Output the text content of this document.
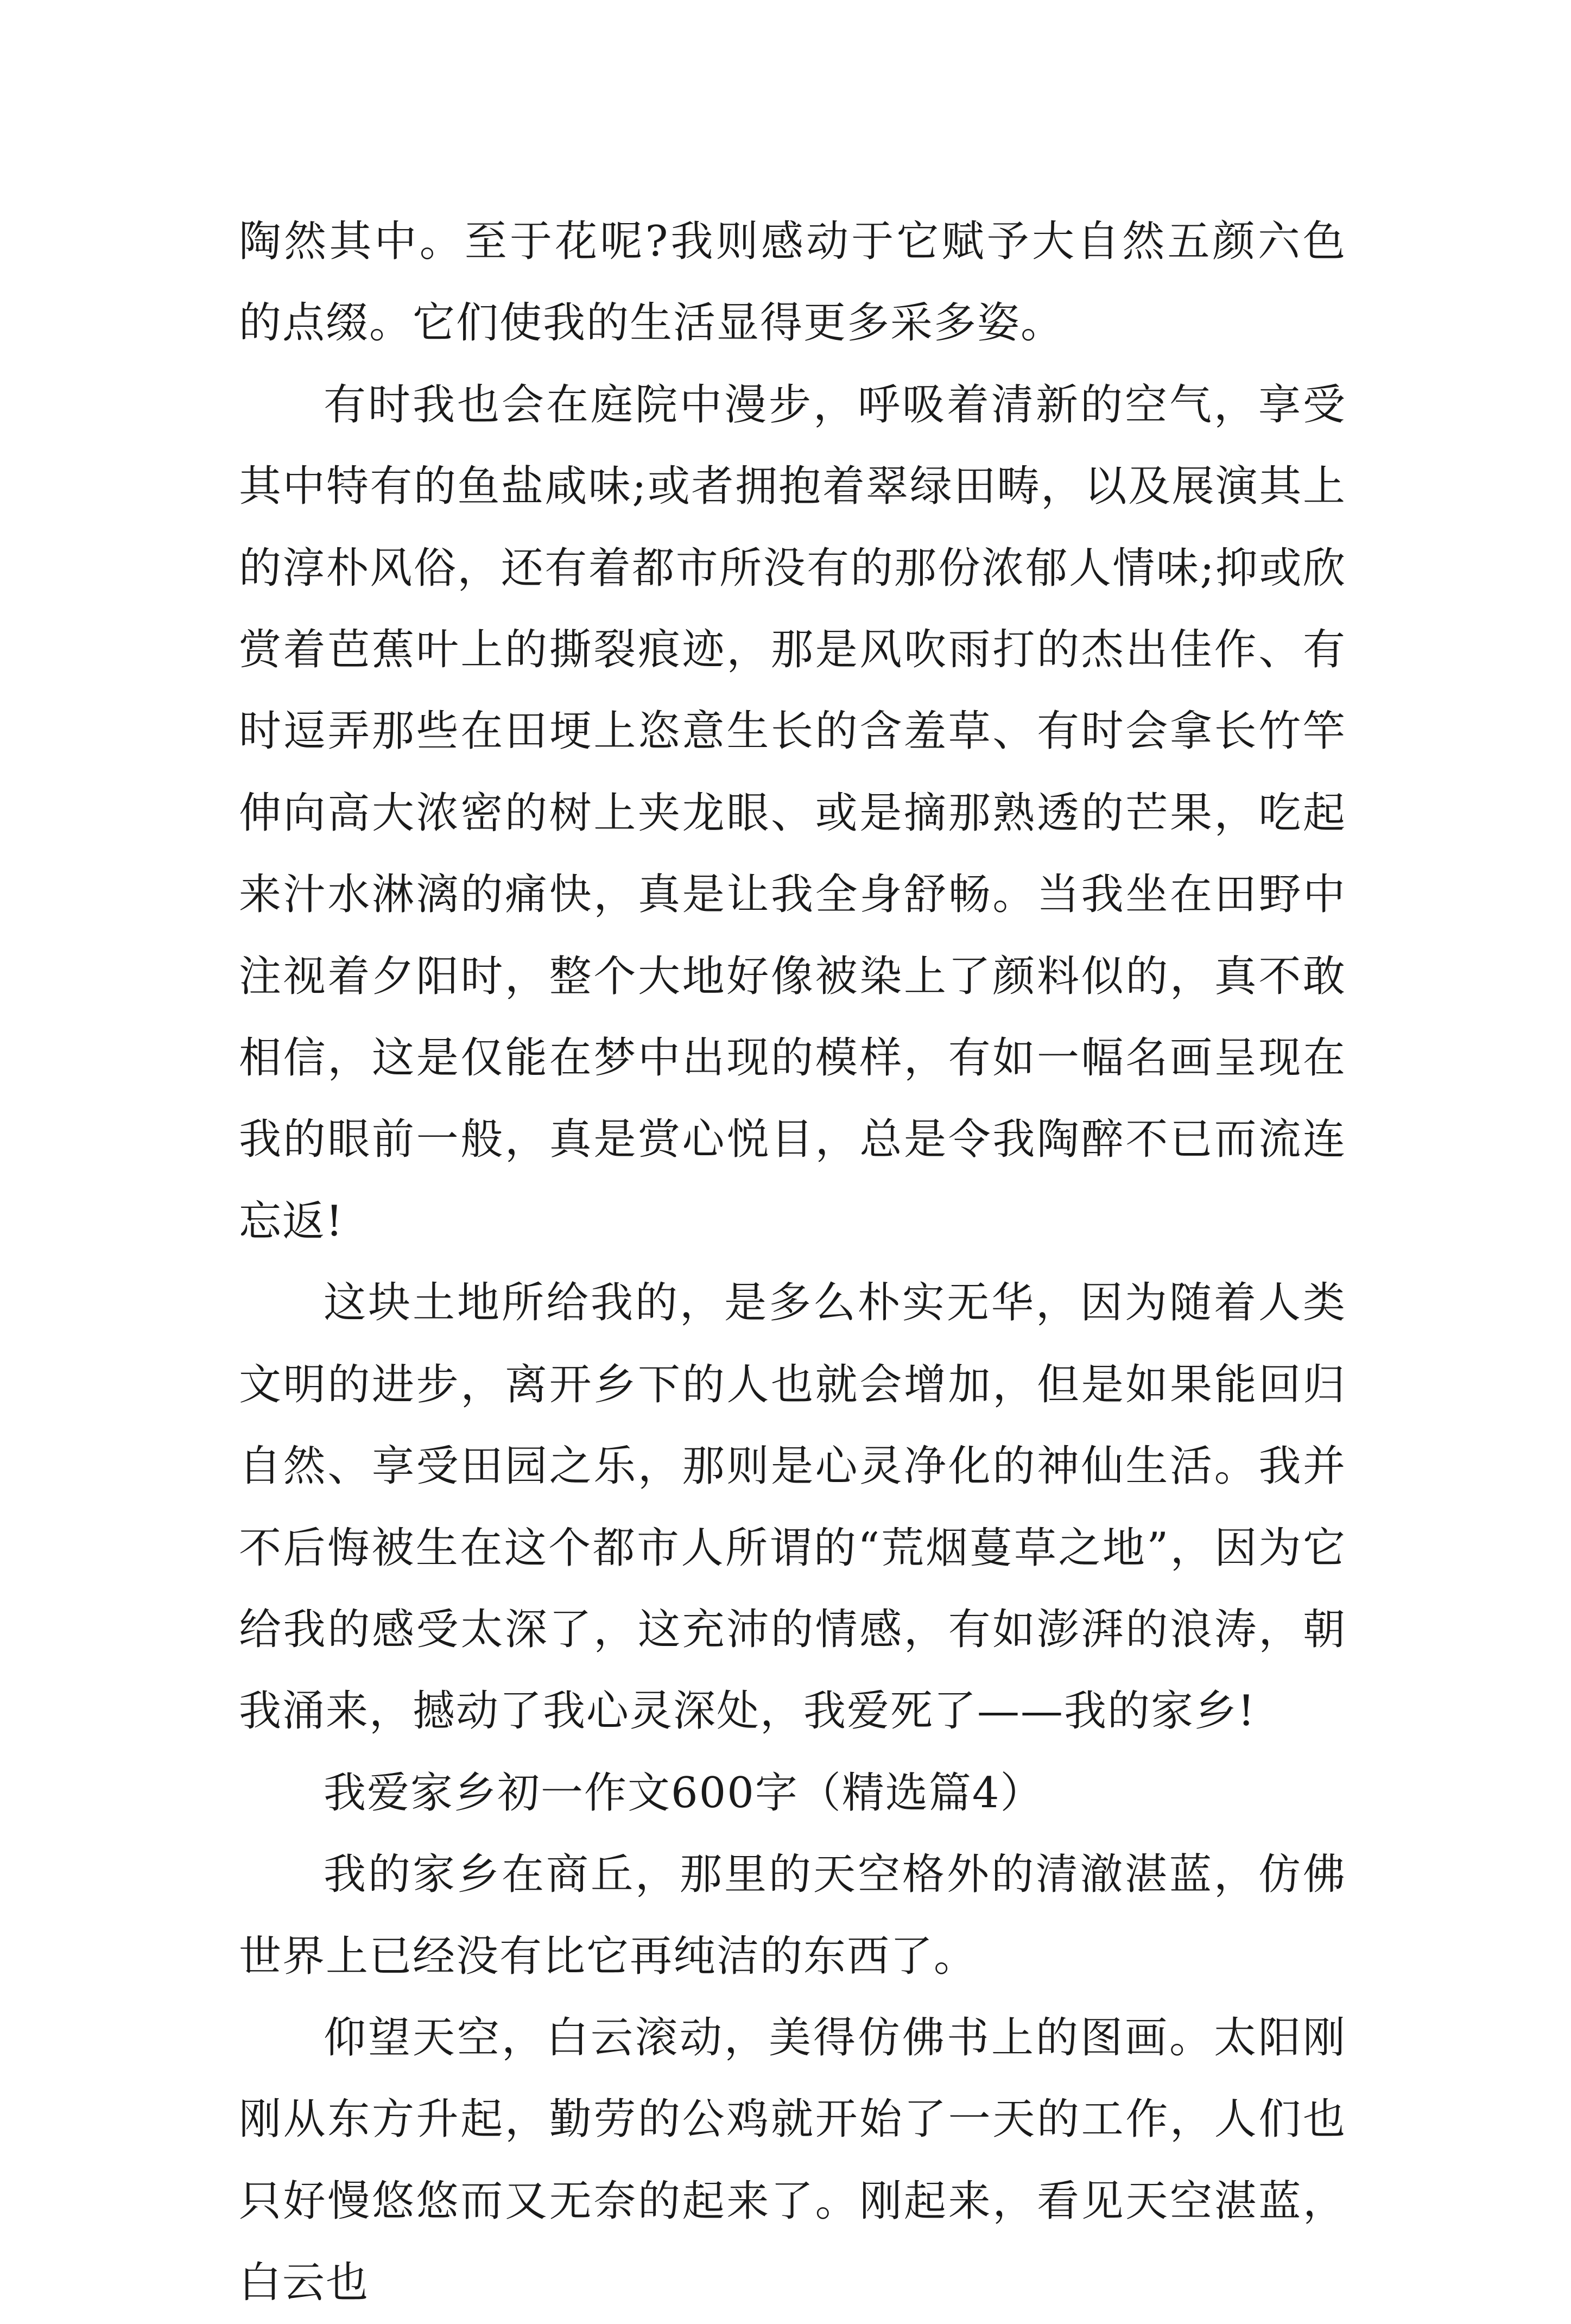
陶然其中。至于花呢?我则感动于它赋予大自然五颜六色的点缀。它们使我的生活显得更多采多姿。

有时我也会在庭院中漫步，呼吸着清新的空气，享受其中特有的鱼盐咸味;或者拥抱着翠绿田畴，以及展演其上的淳朴风俗，还有着都市所没有的那份浓郁人情味;抑或欣赏着芭蕉叶上的撕裂痕迹，那是风吹雨打的杰出佳作、有时逗弄那些在田埂上恣意生长的含羞草、有时会拿长竹竿伸向高大浓密的树上夹龙眼、或是摘那熟透的芒果，吃起来汁水淋漓的痛快，真是让我全身舒畅。当我坐在田野中注视着夕阳时，整个大地好像被染上了颜料似的，真不敢相信，这是仅能在梦中出现的模样，有如一幅名画呈现在我的眼前一般，真是赏心悦目，总是令我陶醉不已而流连忘返!

这块土地所给我的，是多么朴实无华，因为随着人类文明的进步，离开乡下的人也就会增加，但是如果能回归自然、享受田园之乐，那则是心灵净化的神仙生活。我并不后悔被生在这个都市人所谓的“荒烟蔓草之地”，因为它给我的感受太深了，这充沛的情感，有如澎湃的浪涛，朝我涌来，撼动了我心灵深处，我爱死了——我的家乡!

我爱家乡初一作文600字（精选篇4）

我的家乡在商丘，那里的天空格外的清澈湛蓝，仿佛世界上已经没有比它再纯洁的东西了。

仰望天空，白云滚动，美得仿佛书上的图画。太阳刚刚从东方升起，勤劳的公鸡就开始了一天的工作，人们也只好慢悠悠而又无奈的起来了。刚起来，看见天空湛蓝，白云也
